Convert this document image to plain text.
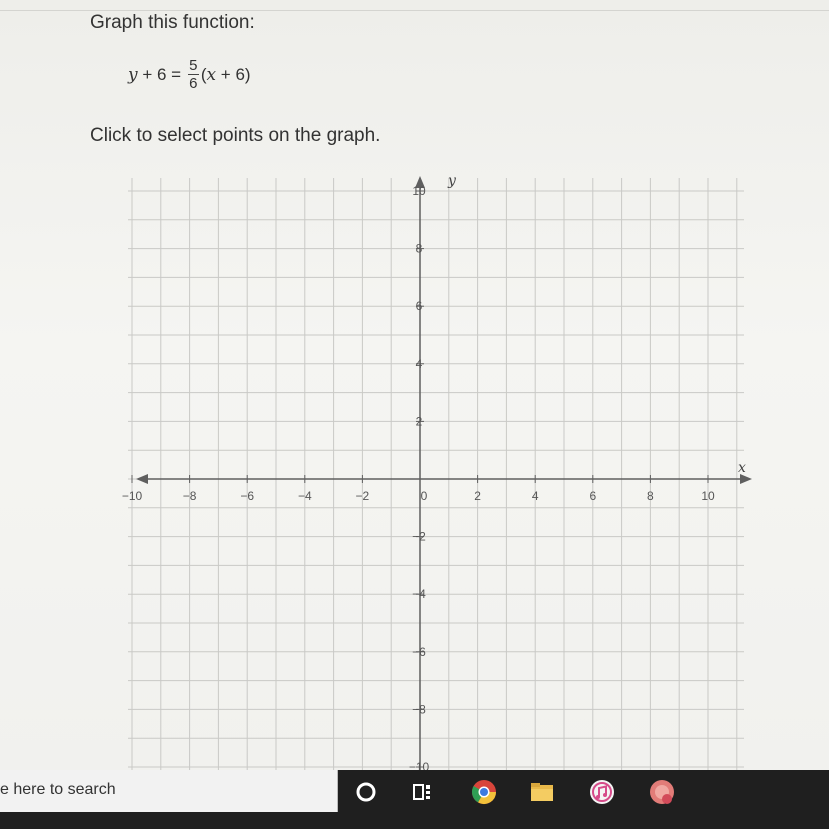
Graph this function:
$y + 6 = \frac{5}{6}$ ( x + 6)
Click to select points on the graph.
−10	−8	−6	−4	−2	0	2	4	6	8	10
10
8
6
4
2
−2
−4
−6
−8
−10
x
y
e here to search
